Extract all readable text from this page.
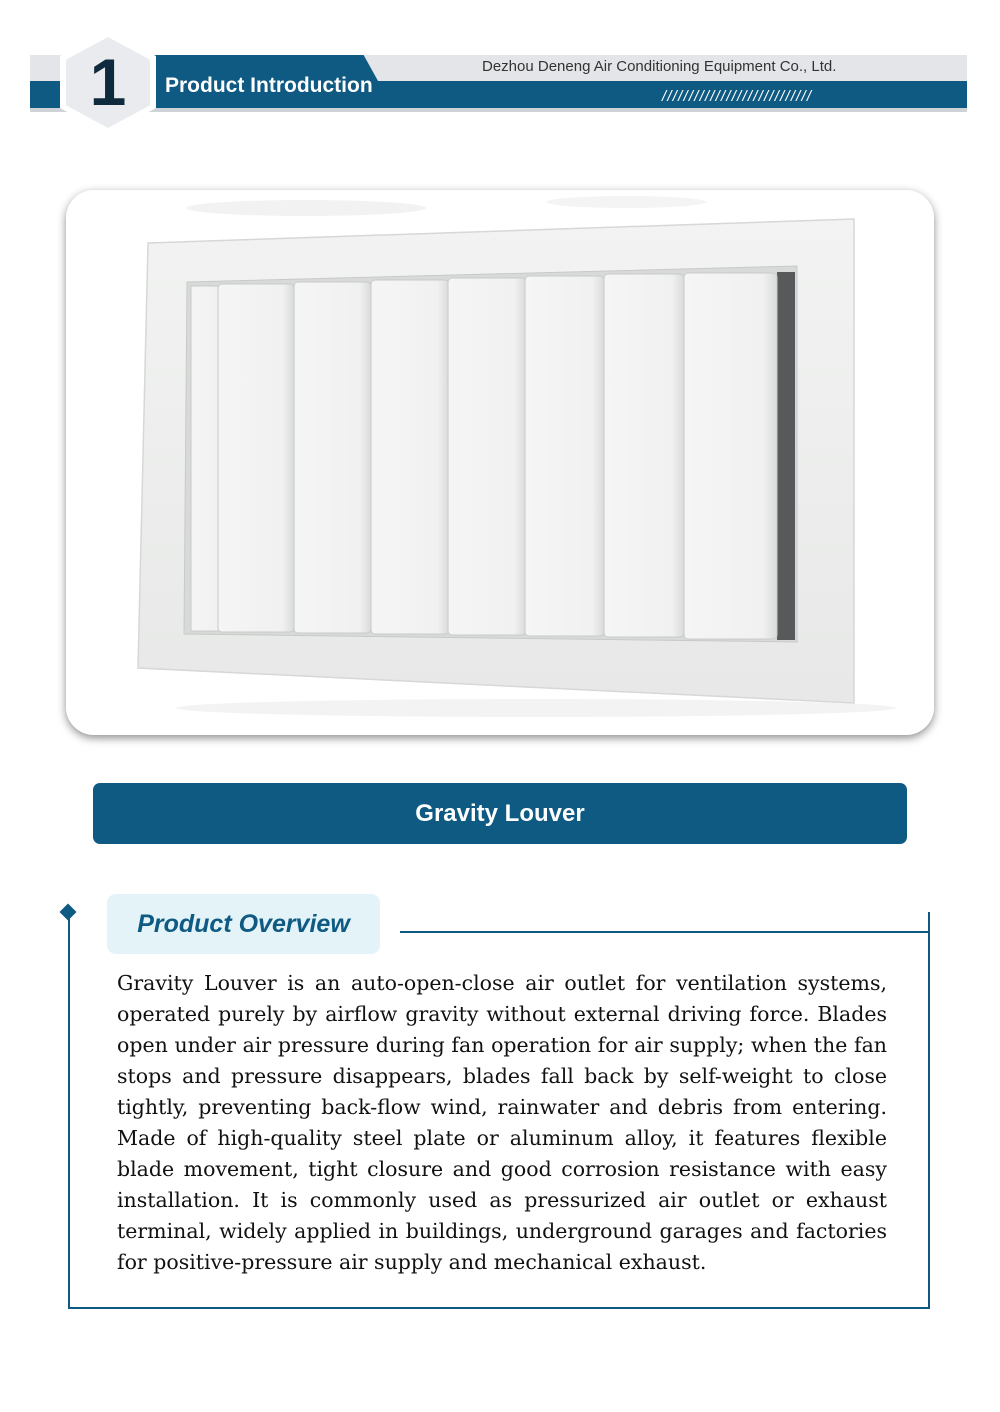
Product Introduction
Dezhou Deneng Air Conditioning Equipment Co., Ltd.
////////////////////////////
1
Gravity Louver
Product Overview
Gravity Louver is an auto-open-close air outlet for ventilation systems, operated purely by airflow gravity without external driving force. Blades open under air pressure during fan operation for air supply; when the fan stops and pressure disappears, blades fall back by self-weight to close tightly, preventing back-flow wind, rainwater and debris from entering. Made of high-quality steel plate or aluminum alloy, it features flexible blade movement, tight closure and good corrosion resistance with easy installation. It is commonly used as pressurized air outlet or exhaust terminal, widely applied in buildings, underground garages and factories for positive-pressure air supply and mechanical exhaust.
